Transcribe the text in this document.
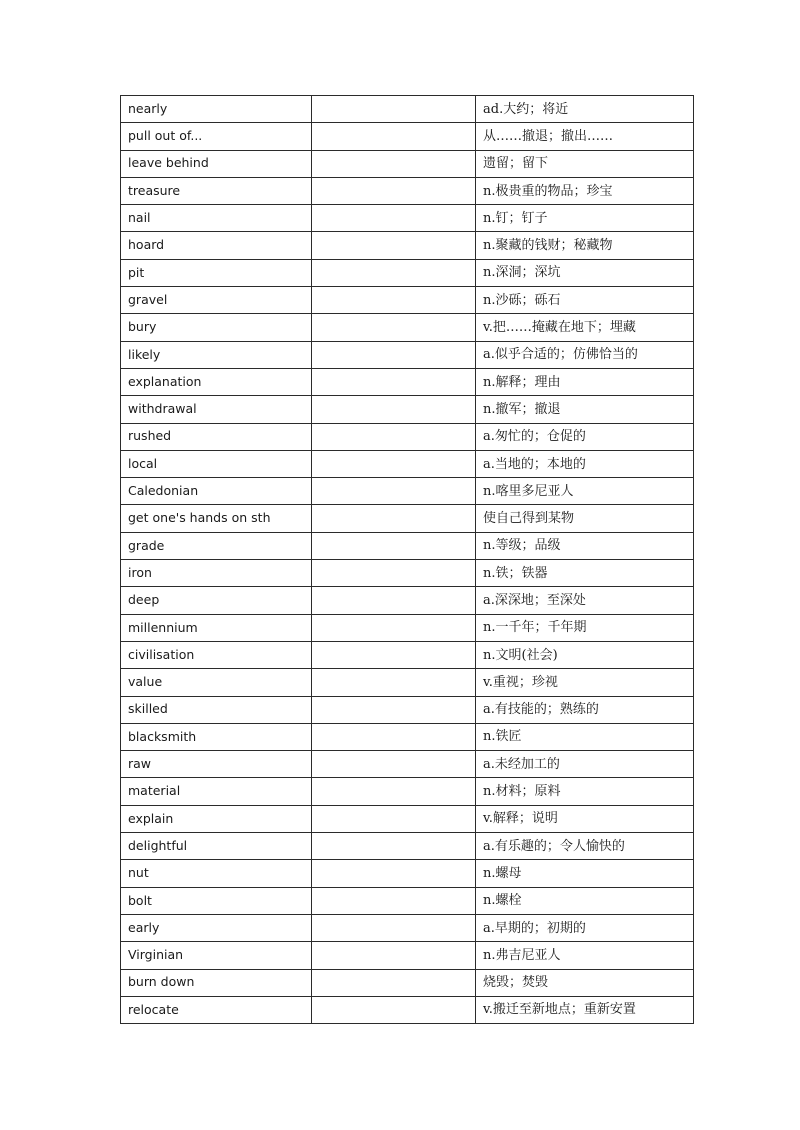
nearly		ad.大约；将近
pull out of...		从……撤退；撤出……
leave behind		遗留；留下
treasure		n.极贵重的物品；珍宝
nail		n.钉；钉子
hoard		n.聚藏的钱财；秘藏物
pit		n.深洞；深坑
gravel		n.沙砾；砾石
bury		v.把……掩藏在地下；埋藏
likely		a.似乎合适的；仿佛恰当的
explanation		n.解释；理由
withdrawal		n.撤军；撤退
rushed		a.匆忙的；仓促的
local		a.当地的；本地的
Caledonian		n.喀里多尼亚人
get one's hands on sth		使自己得到某物
grade		n.等级；品级
iron		n.铁；铁器
deep		a.深深地；至深处
millennium		n.一千年；千年期
civilisation		n.文明(社会)
value		v.重视；珍视
skilled		a.有技能的；熟练的
blacksmith		n.铁匠
raw		a.未经加工的
material		n.材料；原料
explain		v.解释；说明
delightful		a.有乐趣的；令人愉快的
nut		n.螺母
bolt		n.螺栓
early		a.早期的；初期的
Virginian		n.弗吉尼亚人
burn down		烧毁；焚毁
relocate		v.搬迁至新地点；重新安置
